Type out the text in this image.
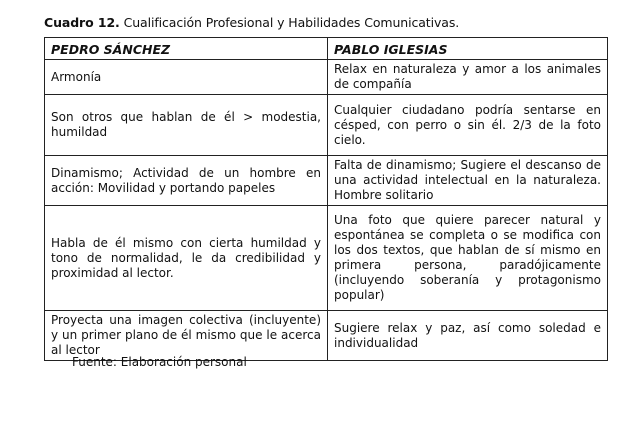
Cuadro 12. Cualificación Profesional y Habilidades Comunicativas.
PEDRO SÁNCHEZ	PABLO IGLESIAS
Armonía	Relax en naturaleza y amor a los animales de compañía
Son otros que hablan de él > modestia, humildad	Cualquier ciudadano podría sentarse en césped, con perro o sin él. 2/3 de la foto cielo.
Dinamismo; Actividad de un hombre en acción: Movilidad y portando papeles	Falta de dinamismo; Sugiere el descanso de una actividad intelectual en la naturaleza. Hombre solitario
Habla de él mismo con cierta humildad y tono de normalidad, le da credibilidad y proximidad al lector.	Una foto que quiere parecer natural y espontánea se completa o se modifica con los dos textos, que hablan de sí mismo en primera persona, paradójicamente (incluyendo soberanía y protagonismo popular)
Proyecta una imagen colectiva (incluyente) y un primer plano de él mismo que le acerca al lector	Sugiere relax y paz, así como soledad e individualidad
Fuente: Elaboración personal
